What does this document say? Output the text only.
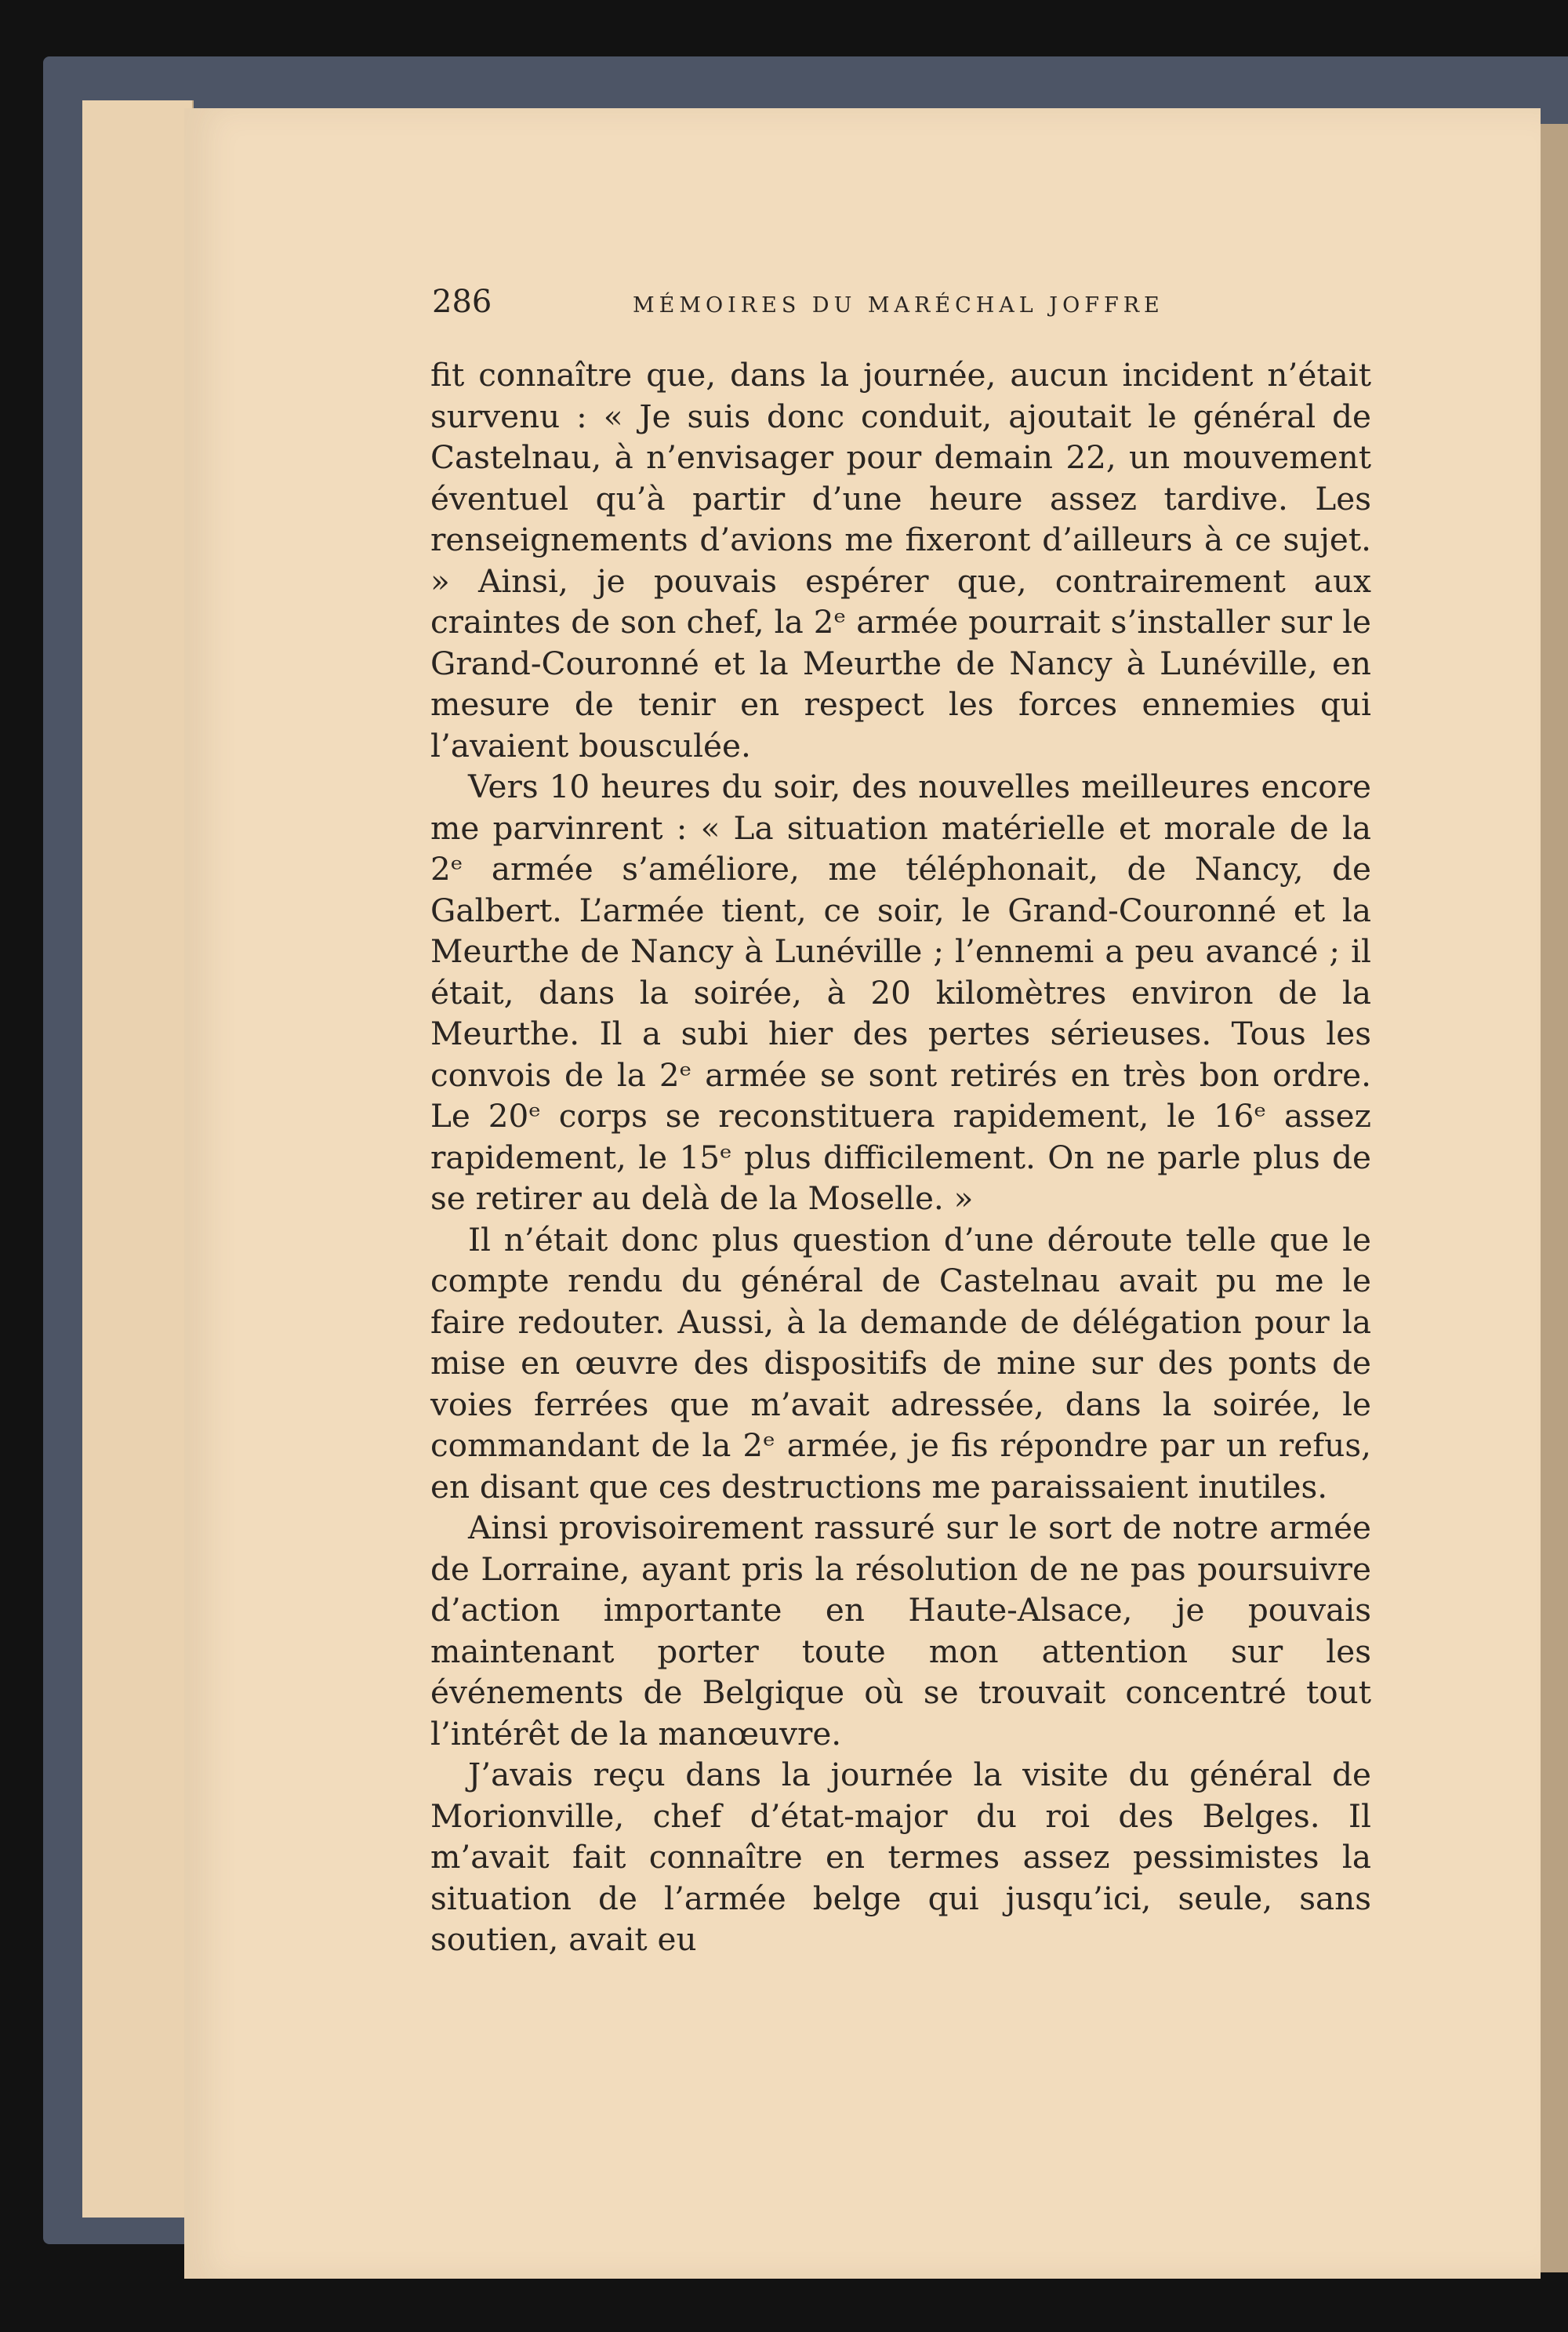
286	MÉMOIRES DU MARÉCHAL JOFFRE

fit connaître que, dans la journée, aucun incident n’était survenu : « Je suis donc conduit, ajoutait le général de Castelnau, à n’envisager pour demain 22, un mouvement éventuel qu’à partir d’une heure assez tardive. Les renseignements d’avions me fixeront d’ailleurs à ce sujet. » Ainsi, je pouvais espérer que, contrairement aux craintes de son chef, la 2ᵉ armée pourrait s’installer sur le Grand-Couronné et la Meurthe de Nancy à Lunéville, en mesure de tenir en respect les forces ennemies qui l’avaient bousculée.

Vers 10 heures du soir, des nouvelles meilleures encore me parvinrent : « La situation matérielle et morale de la 2ᵉ armée s’améliore, me téléphonait, de Nancy, de Galbert. L’armée tient, ce soir, le Grand-Couronné et la Meurthe de Nancy à Lunéville ; l’ennemi a peu avancé ; il était, dans la soirée, à 20 kilomètres environ de la Meurthe. Il a subi hier des pertes sérieuses. Tous les convois de la 2ᵉ armée se sont retirés en très bon ordre. Le 20ᵉ corps se reconstituera rapidement, le 16ᵉ assez rapidement, le 15ᵉ plus difficilement. On ne parle plus de se retirer au delà de la Moselle. »

Il n’était donc plus question d’une déroute telle que le compte rendu du général de Castelnau avait pu me le faire redouter. Aussi, à la demande de délégation pour la mise en œuvre des dispositifs de mine sur des ponts de voies ferrées que m’avait adressée, dans la soirée, le commandant de la 2ᵉ armée, je fis répondre par un refus, en disant que ces destructions me paraissaient inutiles.

Ainsi provisoirement rassuré sur le sort de notre armée de Lorraine, ayant pris la résolution de ne pas poursuivre d’action importante en Haute-Alsace, je pouvais maintenant porter toute mon attention sur les événements de Belgique où se trouvait concentré tout l’intérêt de la manœuvre.

J’avais reçu dans la journée la visite du général de Morionville, chef d’état-major du roi des Belges. Il m’avait fait connaître en termes assez pessimistes la situation de l’armée belge qui jusqu’ici, seule, sans soutien, avait eu
